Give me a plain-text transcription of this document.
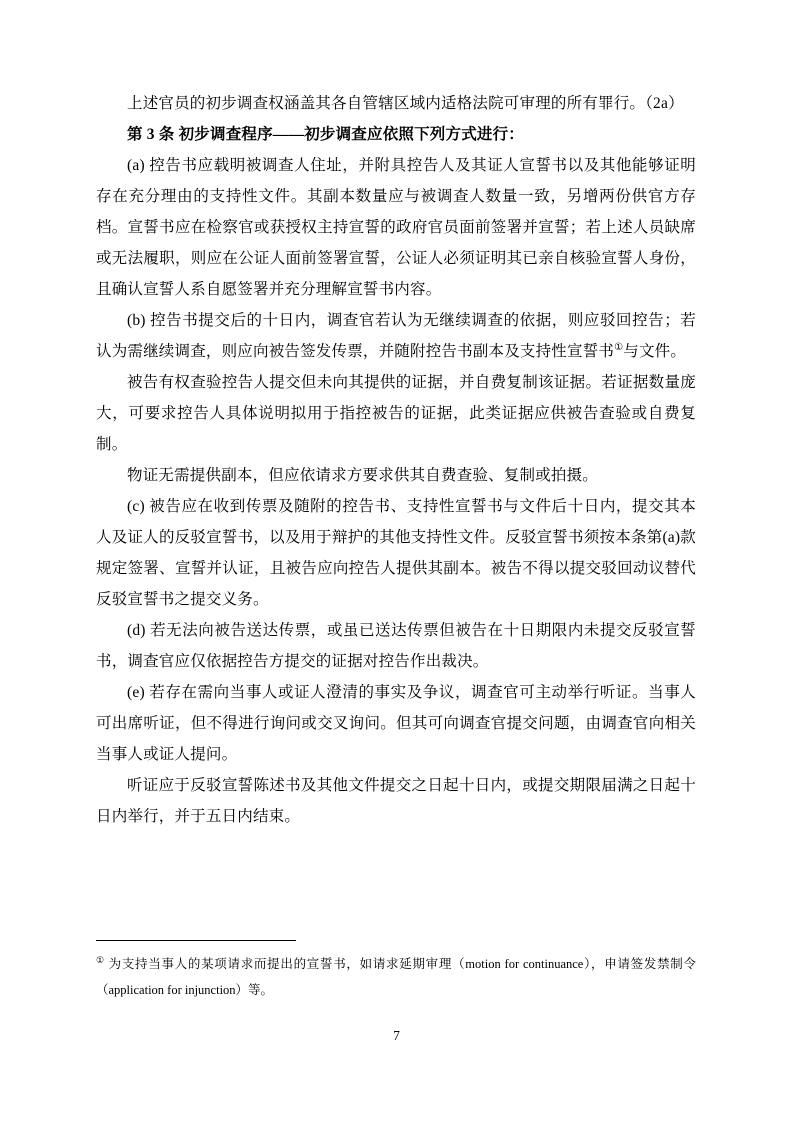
上述官员的初步调查权涵盖其各自管辖区域内适格法院可审理的所有罪行。（2a）

第 3 条 初步调查程序——初步调查应依照下列方式进行：

(a) 控告书应载明被调查人住址，并附具控告人及其证人宣誓书以及其他能够证明存在充分理由的支持性文件。其副本数量应与被调查人数量一致，另增两份供官方存档。宣誓书应在检察官或获授权主持宣誓的政府官员面前签署并宣誓；若上述人员缺席或无法履职，则应在公证人面前签署宣誓，公证人必须证明其已亲自核验宣誓人身份，且确认宣誓人系自愿签署并充分理解宣誓书内容。

(b) 控告书提交后的十日内，调查官若认为无继续调查的依据，则应驳回控告；若认为需继续调查，则应向被告签发传票，并随附控告书副本及支持性宣誓书①与文件。

被告有权查验控告人提交但未向其提供的证据，并自费复制该证据。若证据数量庞大，可要求控告人具体说明拟用于指控被告的证据，此类证据应供被告查验或自费复制。

物证无需提供副本，但应依请求方要求供其自费查验、复制或拍摄。

(c) 被告应在收到传票及随附的控告书、支持性宣誓书与文件后十日内，提交其本人及证人的反驳宣誓书，以及用于辩护的其他支持性文件。反驳宣誓书须按本条第(a)款规定签署、宣誓并认证，且被告应向控告人提供其副本。被告不得以提交驳回动议替代反驳宣誓书之提交义务。

(d) 若无法向被告送达传票，或虽已送达传票但被告在十日期限内未提交反驳宣誓书，调查官应仅依据控告方提交的证据对控告作出裁决。

(e) 若存在需向当事人或证人澄清的事实及争议，调查官可主动举行听证。当事人可出席听证，但不得进行询问或交叉询问。但其可向调查官提交问题，由调查官向相关当事人或证人提问。

听证应于反驳宣誓陈述书及其他文件提交之日起十日内，或提交期限届满之日起十日内举行，并于五日内结束。

① 为支持当事人的某项请求而提出的宣誓书，如请求延期审理（motion for continuance），申请签发禁制令（application for injunction）等。

7
